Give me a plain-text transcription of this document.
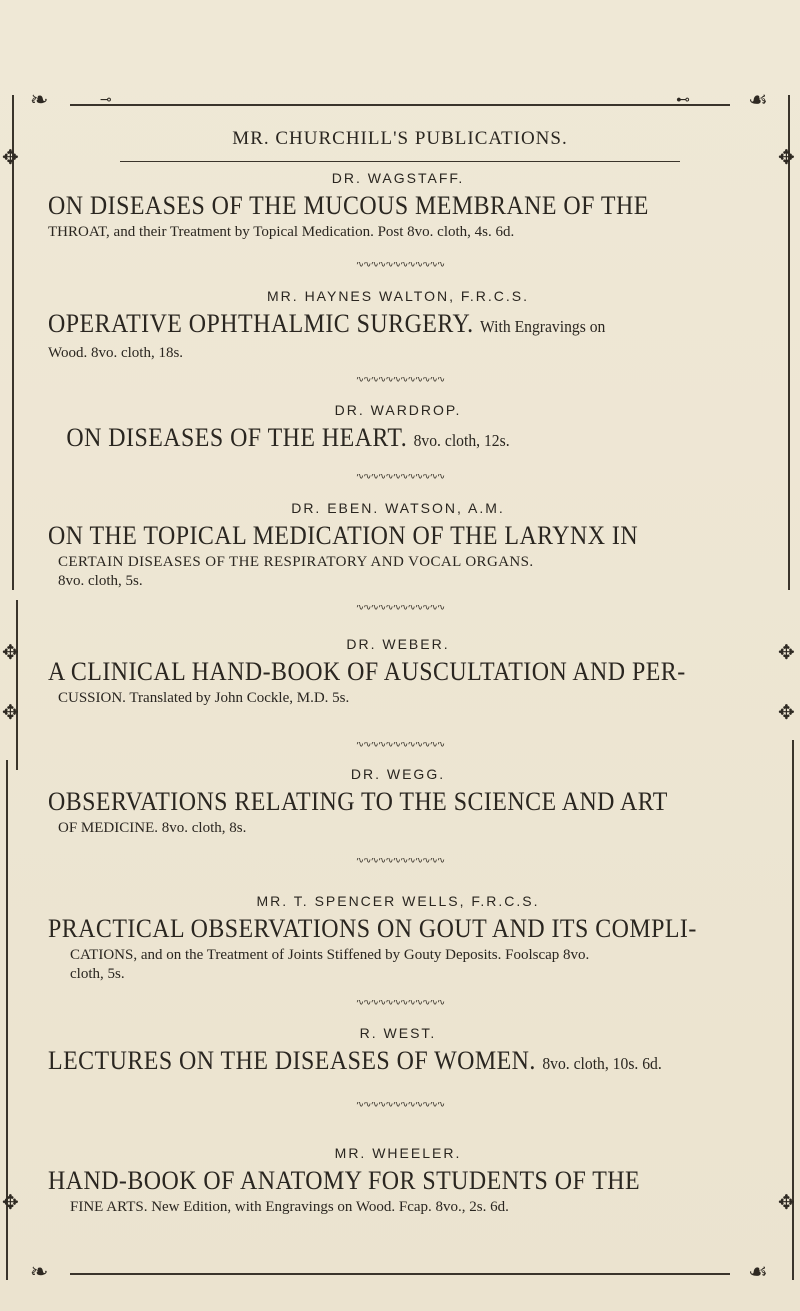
❧	☙
❧	☙
⊸	⊷
✥	✥
✥	✥
✥	✥
✥	✥
MR. CHURCHILL'S PUBLICATIONS.
DR. WAGSTAFF.
ON DISEASES OF THE MUCOUS MEMBRANE OF THE
THROAT, and their Treatment by Topical Medication. Post 8vo. cloth, 4s. 6d.
∿∿∿∿∿∿∿∿∿∿∿∿
MR. HAYNES WALTON, F.R.C.S.
OPERATIVE OPHTHALMIC SURGERY. With Engravings on
Wood. 8vo. cloth, 18s.
∿∿∿∿∿∿∿∿∿∿∿∿
DR. WARDROP.
ON DISEASES OF THE HEART. 8vo. cloth, 12s.
∿∿∿∿∿∿∿∿∿∿∿∿
DR. EBEN. WATSON, A.M.
ON THE TOPICAL MEDICATION OF THE LARYNX IN
CERTAIN DISEASES OF THE RESPIRATORY AND VOCAL ORGANS.
8vo. cloth, 5s.
∿∿∿∿∿∿∿∿∿∿∿∿
DR. WEBER.
A CLINICAL HAND-BOOK OF AUSCULTATION AND PER-
CUSSION. Translated by John Cockle, M.D. 5s.
∿∿∿∿∿∿∿∿∿∿∿∿
DR. WEGG.
OBSERVATIONS RELATING TO THE SCIENCE AND ART
OF MEDICINE. 8vo. cloth, 8s.
∿∿∿∿∿∿∿∿∿∿∿∿
MR. T. SPENCER WELLS, F.R.C.S.
PRACTICAL OBSERVATIONS ON GOUT AND ITS COMPLI-
CATIONS, and on the Treatment of Joints Stiffened by Gouty Deposits. Foolscap 8vo.
cloth, 5s.
∿∿∿∿∿∿∿∿∿∿∿∿
R. WEST.
LECTURES ON THE DISEASES OF WOMEN. 8vo. cloth, 10s. 6d.
∿∿∿∿∿∿∿∿∿∿∿∿
MR. WHEELER.
HAND-BOOK OF ANATOMY FOR STUDENTS OF THE
FINE ARTS. New Edition, with Engravings on Wood. Fcap. 8vo., 2s. 6d.
